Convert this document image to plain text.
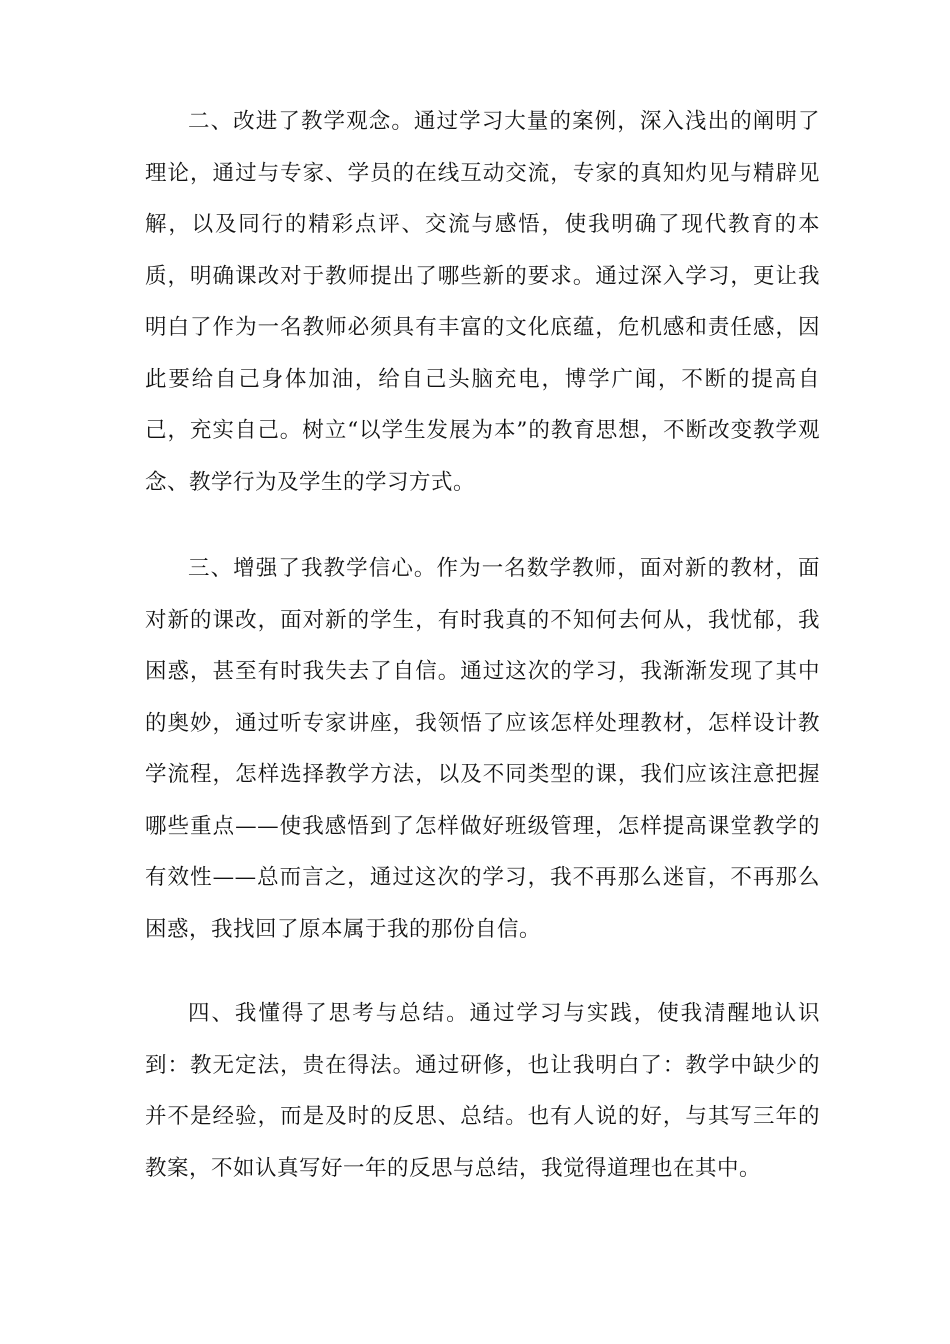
二、改进了教学观念。通过学习大量的案例，深入浅出的阐明了理论，通过与专家、学员的在线互动交流，专家的真知灼见与精辟见解，以及同行的精彩点评、交流与感悟，使我明确了现代教育的本质，明确课改对于教师提出了哪些新的要求。通过深入学习，更让我明白了作为一名教师必须具有丰富的文化底蕴，危机感和责任感，因此要给自己身体加油，给自己头脑充电，博学广闻，不断的提高自己，充实自己。树立“以学生发展为本”的教育思想，不断改变教学观念、教学行为及学生的学习方式。

三、增强了我教学信心。作为一名数学教师，面对新的教材，面对新的课改，面对新的学生，有时我真的不知何去何从，我忧郁，我困惑，甚至有时我失去了自信。通过这次的学习，我渐渐发现了其中的奥妙，通过听专家讲座，我领悟了应该怎样处理教材，怎样设计教学流程，怎样选择教学方法，以及不同类型的课，我们应该注意把握哪些重点——使我感悟到了怎样做好班级管理，怎样提高课堂教学的有效性——总而言之，通过这次的学习，我不再那么迷盲，不再那么困惑，我找回了原本属于我的那份自信。

四、我懂得了思考与总结。通过学习与实践，使我清醒地认识到：教无定法，贵在得法。通过研修，也让我明白了：教学中缺少的并不是经验，而是及时的反思、总结。也有人说的好，与其写三年的教案，不如认真写好一年的反思与总结，我觉得道理也在其中。
